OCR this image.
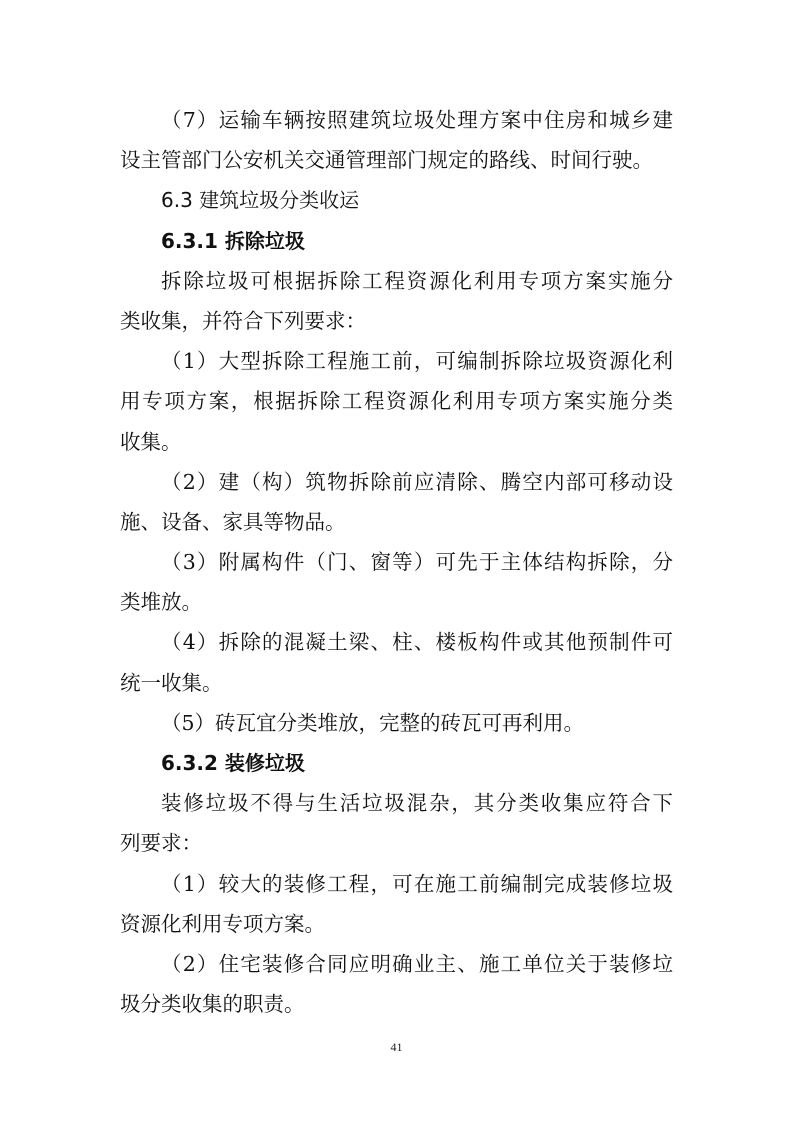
（7）运输车辆按照建筑垃圾处理方案中住房和城乡建
设主管部门公安机关交通管理部门规定的路线、时间行驶。
6.3 建筑垃圾分类收运
6.3.1 拆除垃圾
拆除垃圾可根据拆除工程资源化利用专项方案实施分
类收集，并符合下列要求：
（1）大型拆除工程施工前，可编制拆除垃圾资源化利
用专项方案，根据拆除工程资源化利用专项方案实施分类
收集。
（2）建（构）筑物拆除前应清除、腾空内部可移动设
施、设备、家具等物品。
（3）附属构件（门、窗等）可先于主体结构拆除，分
类堆放。
（4）拆除的混凝土梁、柱、楼板构件或其他预制件可
统一收集。
（5）砖瓦宜分类堆放，完整的砖瓦可再利用。
6.3.2 装修垃圾
装修垃圾不得与生活垃圾混杂，其分类收集应符合下
列要求：
（1）较大的装修工程，可在施工前编制完成装修垃圾
资源化利用专项方案。
（2）住宅装修合同应明确业主、施工单位关于装修垃
圾分类收集的职责。
41
